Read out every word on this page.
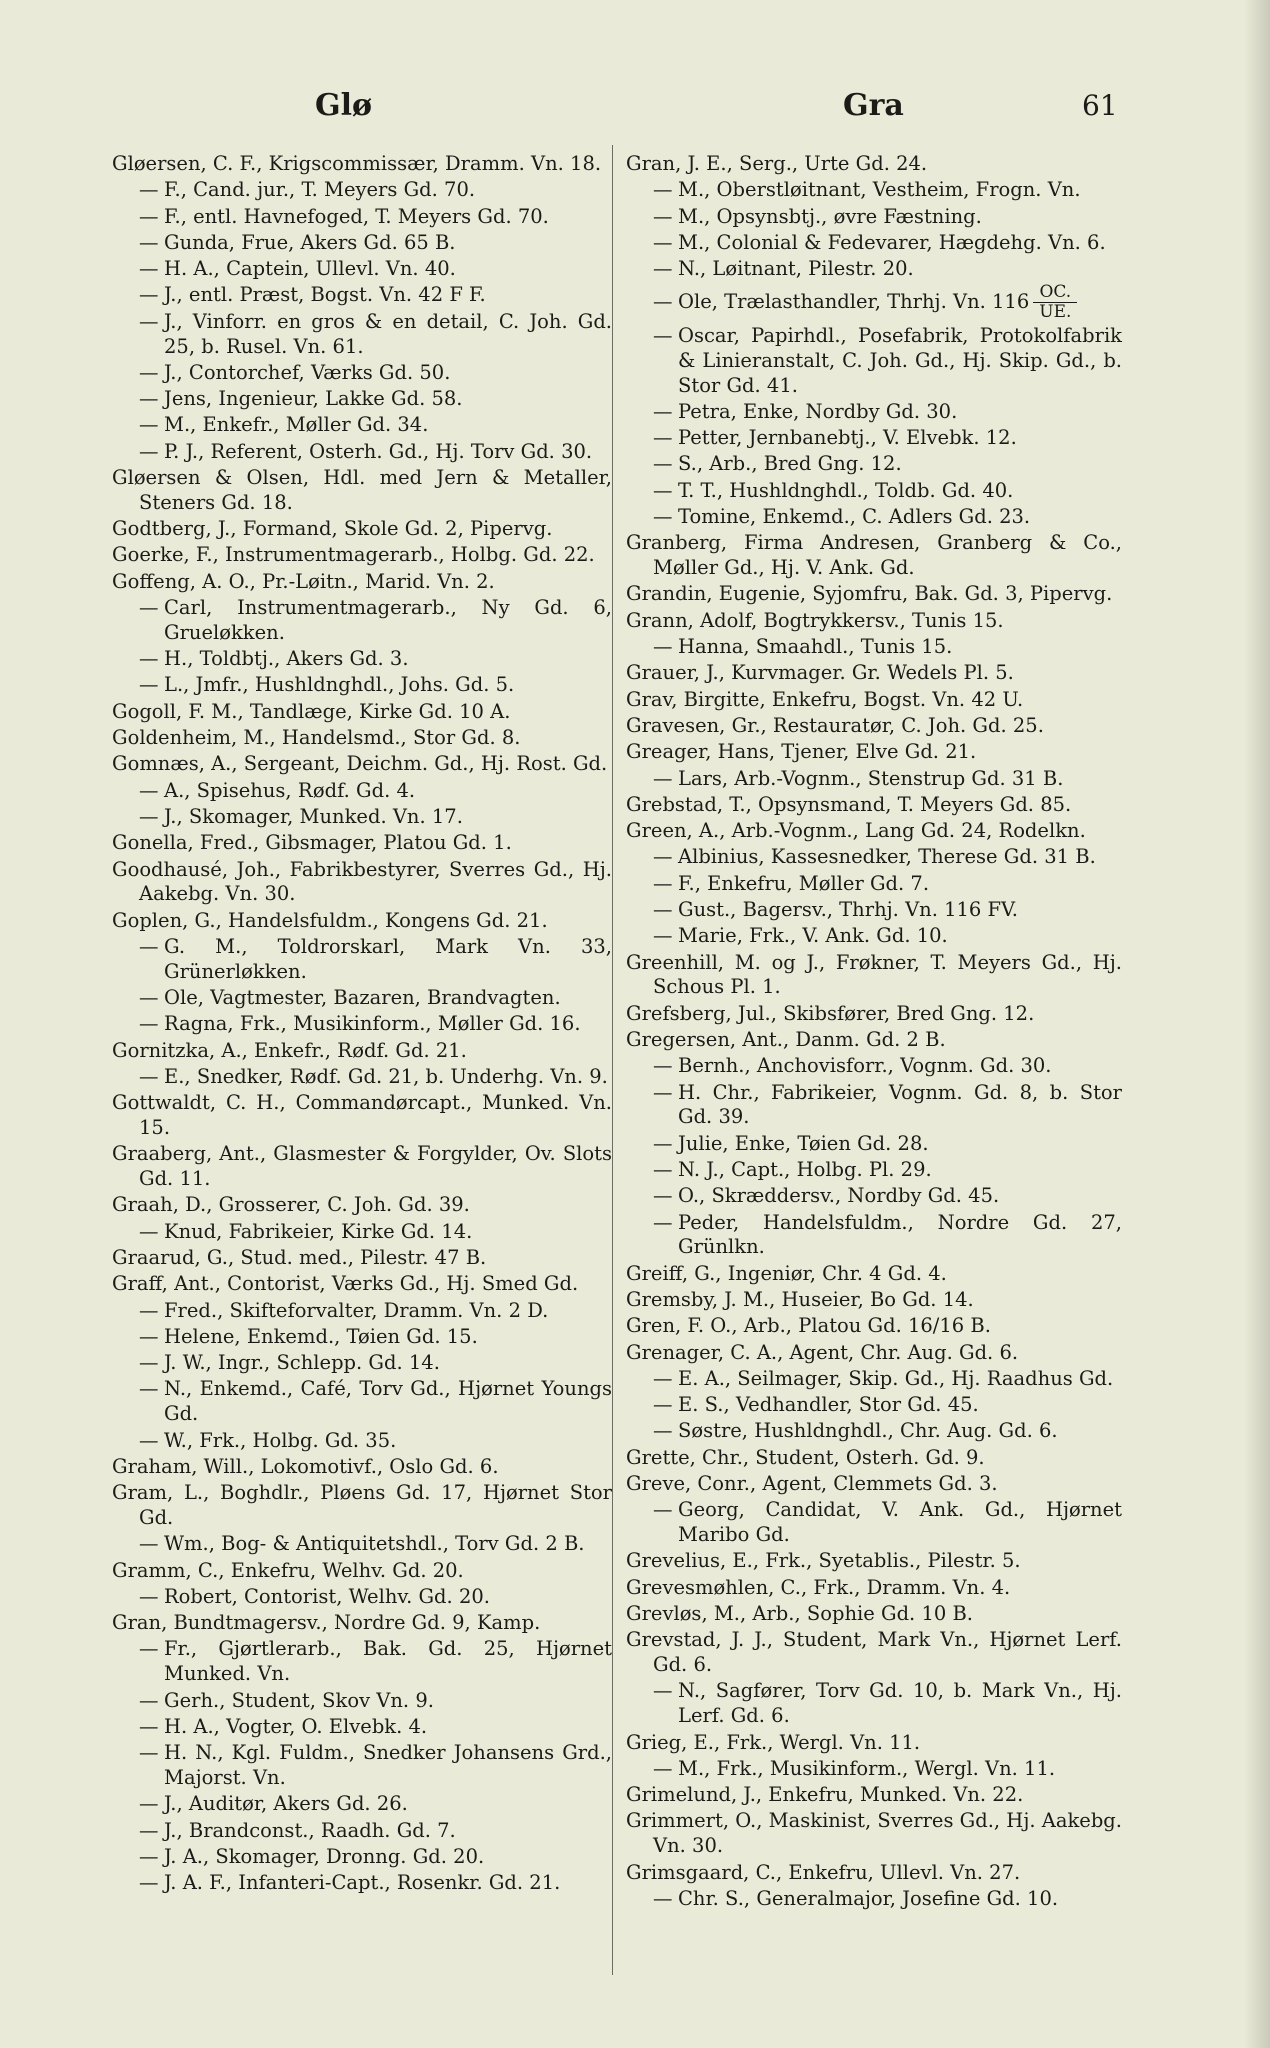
Glø	Gra	61

Gløersen, C. F., Krigscommissær, Dramm. Vn. 18.

— F., Cand. jur., T. Meyers Gd. 70.

— F., entl. Havnefoged, T. Meyers Gd. 70.

— Gunda, Frue, Akers Gd. 65 B.

— H. A., Captein, Ullevl. Vn. 40.

— J., entl. Præst, Bogst. Vn. 42 F F.

— J., Vinforr. en gros & en detail, C. Joh. Gd. 25, b. Rusel. Vn. 61.

— J., Contorchef, Værks Gd. 50.

— Jens, Ingenieur, Lakke Gd. 58.

— M., Enkefr., Møller Gd. 34.

— P. J., Referent, Osterh. Gd., Hj. Torv Gd. 30.

Gløersen & Olsen, Hdl. med Jern & Metaller, Steners Gd. 18.

Godtberg, J., Formand, Skole Gd. 2, Pipervg.

Goerke, F., Instrumentmagerarb., Holbg. Gd. 22.

Goffeng, A. O., Pr.-Løitn., Marid. Vn. 2.

— Carl, Instrumentmagerarb., Ny Gd. 6, Grueløkken.

— H., Toldbtj., Akers Gd. 3.

— L., Jmfr., Hushldnghdl., Johs. Gd. 5.

Gogoll, F. M., Tandlæge, Kirke Gd. 10 A.

Goldenheim, M., Handelsmd., Stor Gd. 8.

Gomnæs, A., Sergeant, Deichm. Gd., Hj. Rost. Gd.

— A., Spisehus, Rødf. Gd. 4.

— J., Skomager, Munked. Vn. 17.

Gonella, Fred., Gibsmager, Platou Gd. 1.

Goodhausé, Joh., Fabrikbestyrer, Sverres Gd., Hj. Aakebg. Vn. 30.

Goplen, G., Handelsfuldm., Kongens Gd. 21.

— G. M., Toldrorskarl, Mark Vn. 33, Grünerløkken.

— Ole, Vagtmester, Bazaren, Brandvagten.

— Ragna, Frk., Musikinform., Møller Gd. 16.

Gornitzka, A., Enkefr., Rødf. Gd. 21.

— E., Snedker, Rødf. Gd. 21, b. Underhg. Vn. 9.

Gottwaldt, C. H., Commandørcapt., Munked. Vn. 15.

Graaberg, Ant., Glasmester & Forgylder, Ov. Slots Gd. 11.

Graah, D., Grosserer, C. Joh. Gd. 39.

— Knud, Fabrikeier, Kirke Gd. 14.

Graarud, G., Stud. med., Pilestr. 47 B.

Graff, Ant., Contorist, Værks Gd., Hj. Smed Gd.

— Fred., Skifteforvalter, Dramm. Vn. 2 D.

— Helene, Enkemd., Tøien Gd. 15.

— J. W., Ingr., Schlepp. Gd. 14.

— N., Enkemd., Café, Torv Gd., Hjørnet Youngs Gd.

— W., Frk., Holbg. Gd. 35.

Graham, Will., Lokomotivf., Oslo Gd. 6.

Gram, L., Boghdlr., Pløens Gd. 17, Hjørnet Stor Gd.

— Wm., Bog- & Antiquitetshdl., Torv Gd. 2 B.

Gramm, C., Enkefru, Welhv. Gd. 20.

— Robert, Contorist, Welhv. Gd. 20.

Gran, Bundtmagersv., Nordre Gd. 9, Kamp.

— Fr., Gjørtlerarb., Bak. Gd. 25, Hjørnet Munked. Vn.

— Gerh., Student, Skov Vn. 9.

— H. A., Vogter, O. Elvebk. 4.

— H. N., Kgl. Fuldm., Snedker Johansens Grd., Majorst. Vn.

— J., Auditør, Akers Gd. 26.

— J., Brandconst., Raadh. Gd. 7.

— J. A., Skomager, Dronng. Gd. 20.

— J. A. F., Infanteri-Capt., Rosenkr. Gd. 21.

Gran, J. E., Serg., Urte Gd. 24.

— M., Oberstløitnant, Vestheim, Frogn. Vn.

— M., Opsynsbtj., øvre Fæstning.

— M., Colonial & Fedevarer, Hægdehg. Vn. 6.

— N., Løitnant, Pilestr. 20.

— Ole, Trælasthandler, Thrhj. Vn. $116 \frac{OC.}{UE.}$

— Oscar, Papirhdl., Posefabrik, Protokolfabrik & Linieranstalt, C. Joh. Gd., Hj. Skip. Gd., b. Stor Gd. 41.

— Petra, Enke, Nordby Gd. 30.

— Petter, Jernbanebtj., V. Elvebk. 12.

— S., Arb., Bred Gng. 12.

— T. T., Hushldnghdl., Toldb. Gd. 40.

— Tomine, Enkemd., C. Adlers Gd. 23.

Granberg, Firma Andresen, Granberg & Co., Møller Gd., Hj. V. Ank. Gd.

Grandin, Eugenie, Syjomfru, Bak. Gd. 3, Pipervg.

Grann, Adolf, Bogtrykkersv., Tunis 15.

— Hanna, Smaahdl., Tunis 15.

Grauer, J., Kurvmager. Gr. Wedels Pl. 5.

Grav, Birgitte, Enkefru, Bogst. Vn. 42 U.

Gravesen, Gr., Restauratør, C. Joh. Gd. 25.

Greager, Hans, Tjener, Elve Gd. 21.

— Lars, Arb.-Vognm., Stenstrup Gd. 31 B.

Grebstad, T., Opsynsmand, T. Meyers Gd. 85.

Green, A., Arb.-Vognm., Lang Gd. 24, Rodelkn.

— Albinius, Kassesnedker, Therese Gd. 31 B.

— F., Enkefru, Møller Gd. 7.

— Gust., Bagersv., Thrhj. Vn. 116 FV.

— Marie, Frk., V. Ank. Gd. 10.

Greenhill, M. og J., Frøkner, T. Meyers Gd., Hj. Schous Pl. 1.

Grefsberg, Jul., Skibsfører, Bred Gng. 12.

Gregersen, Ant., Danm. Gd. 2 B.

— Bernh., Anchovisforr., Vognm. Gd. 30.

— H. Chr., Fabrikeier, Vognm. Gd. 8, b. Stor Gd. 39.

— Julie, Enke, Tøien Gd. 28.

— N. J., Capt., Holbg. Pl. 29.

— O., Skræddersv., Nordby Gd. 45.

— Peder, Handelsfuldm., Nordre Gd. 27, Grünlkn.

Greiff, G., Ingeniør, Chr. 4 Gd. 4.

Gremsby, J. M., Huseier, Bo Gd. 14.

Gren, F. O., Arb., Platou Gd. 16/16 B.

Grenager, C. A., Agent, Chr. Aug. Gd. 6.

— E. A., Seilmager, Skip. Gd., Hj. Raadhus Gd.

— E. S., Vedhandler, Stor Gd. 45.

— Søstre, Hushldnghdl., Chr. Aug. Gd. 6.

Grette, Chr., Student, Osterh. Gd. 9.

Greve, Conr., Agent, Clemmets Gd. 3.

— Georg, Candidat, V. Ank. Gd., Hjørnet Maribo Gd.

Grevelius, E., Frk., Syetablis., Pilestr. 5.

Grevesmøhlen, C., Frk., Dramm. Vn. 4.

Grevløs, M., Arb., Sophie Gd. 10 B.

Grevstad, J. J., Student, Mark Vn., Hjørnet Lerf. Gd. 6.

— N., Sagfører, Torv Gd. 10, b. Mark Vn., Hj. Lerf. Gd. 6.

Grieg, E., Frk., Wergl. Vn. 11.

— M., Frk., Musikinform., Wergl. Vn. 11.

Grimelund, J., Enkefru, Munked. Vn. 22.

Grimmert, O., Maskinist, Sverres Gd., Hj. Aakebg. Vn. 30.

Grimsgaard, C., Enkefru, Ullevl. Vn. 27.

— Chr. S., Generalmajor, Josefine Gd. 10.
